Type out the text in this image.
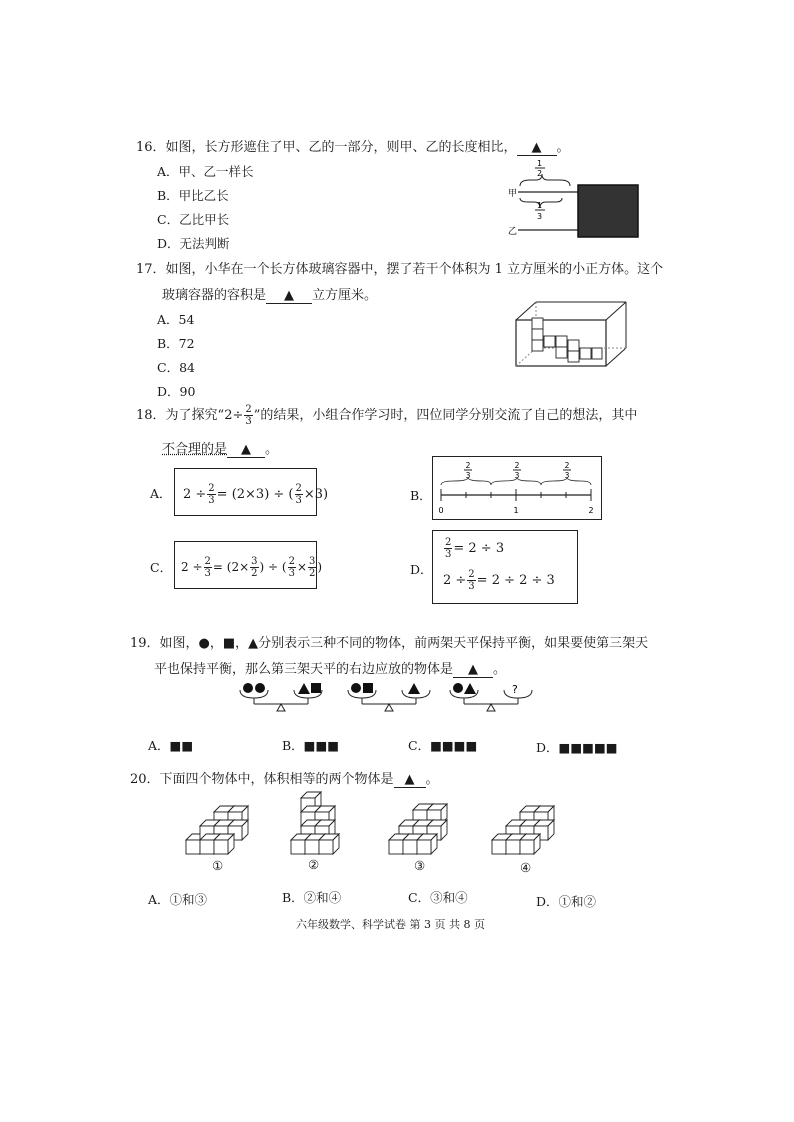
16．如图，长方形遮住了甲、乙的一部分，则甲、乙的长度相比， ▲ 。
A．甲、乙一样长
B．甲比乙长
C．乙比甲长
D．无法判断
甲
乙
1
2
1
3
17．如图，小华在一个长方体玻璃容器中，摆了若干个体积为 1 立方厘米的小正方体。这个
玻璃容器的容积是 ▲ 立方厘米。
A．54
B．72
C．84
D．90
18．为了探究“$2\div \frac{2}{3}$ ”的结果，小组合作学习时，四位同学分别交流了自己的想法，其中
不合理的是 ▲ 。
A． $2 \div \frac{2}{3} = (2\times 3)$ ÷ ( $\frac{2}{3} \times 3$)	B．
2
3
2
3
2
3
0	1	2
C． $2 \div \frac{2}{3} = (2\times \frac{3}{2}$ ) ÷ ( $\frac{2}{3} \times \frac{3}{2}$ )	D．
$\frac{2}{3} = 2 \div 3$
$2 \div \frac{2}{3} = 2 \div 2 \div 3$
19．如图，●，■，▲分别表示三种不同的物体，前两架天平保持平衡，如果要使第三架天
平也保持平衡，那么第三架天平的右边应放的物体是 ▲ 。
?
A．■■	B．■■■	C．■■■■	D．■■■■■
20．下面四个物体中，体积相等的两个物体是 ▲ 。
①	②	③	④
A．①和③	B．②和④	C．③和④	D．①和②
六年级数学、科学试卷 第 3 页 共 8 页
